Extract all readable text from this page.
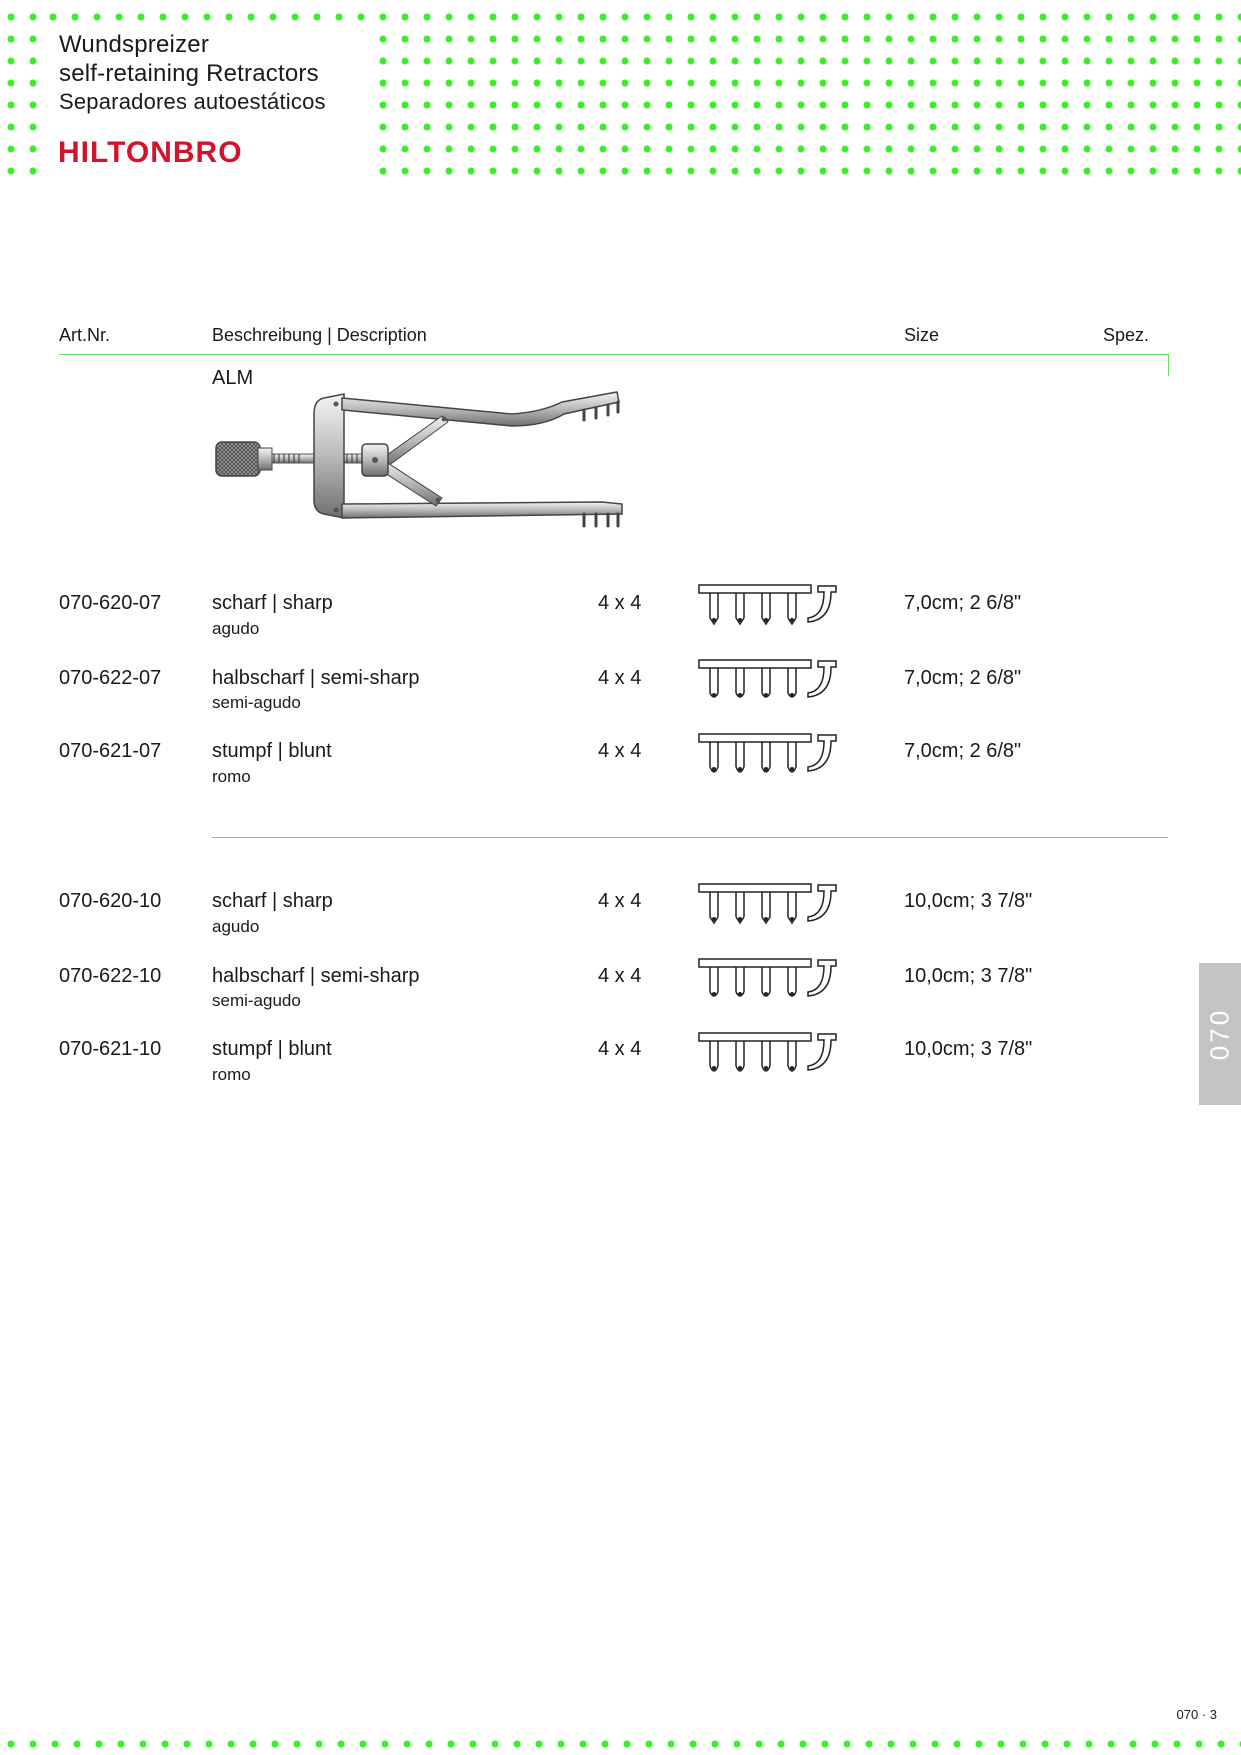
Wundspreizer
self-retaining Retractors
Separadores autoestáticos
HILTONBRO
Art.Nr.	Beschreibung | Description	Size	Spez.
ALM
070-620-07	scharf | sharp
agudo
4 x 4	7,0cm; 2 6/8"
070-622-07	halbscharf | semi-sharp
semi-agudo
4 x 4	7,0cm; 2 6/8"
070-621-07	stumpf | blunt
romo
4 x 4	7,0cm; 2 6/8"
070-620-10	scharf | sharp
agudo
4 x 4	10,0cm; 3 7/8"
070-622-10	halbscharf | semi-sharp
semi-agudo
4 x 4	10,0cm; 3 7/8"
070-621-10	stumpf | blunt
romo
4 x 4	10,0cm; 3 7/8"	070
070 · 3
